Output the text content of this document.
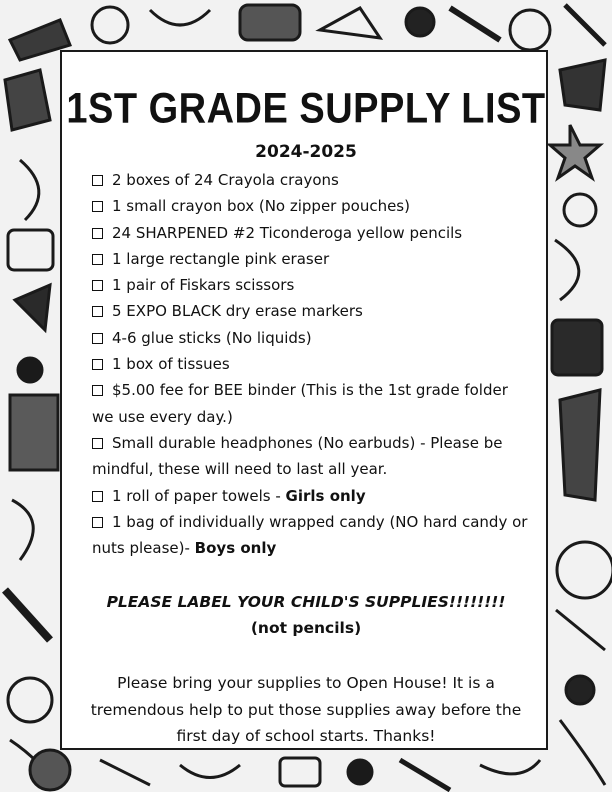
1ST GRADE SUPPLY LIST
2024-2025
2 boxes of 24 Crayola crayons
1 small crayon box (No zipper pouches)
24 SHARPENED #2 Ticonderoga yellow pencils
1 large rectangle pink eraser
1 pair of Fiskars scissors
5 EXPO BLACK dry erase markers
4-6 glue sticks (No liquids)
1 box of tissues
$5.00 fee for BEE binder (This is the 1st grade folder we use every day.)
Small durable headphones (No earbuds) - Please be mindful, these will need to last all year.
1 roll of paper towels - Girls only
1 bag of individually wrapped candy (NO hard candy or nuts please)- Boys only
PLEASE LABEL YOUR CHILD'S SUPPLIES!!!!!!!!
(not pencils)
Please bring your supplies to Open House! It is a tremendous help to put those supplies away before the first day of school starts. Thanks!
